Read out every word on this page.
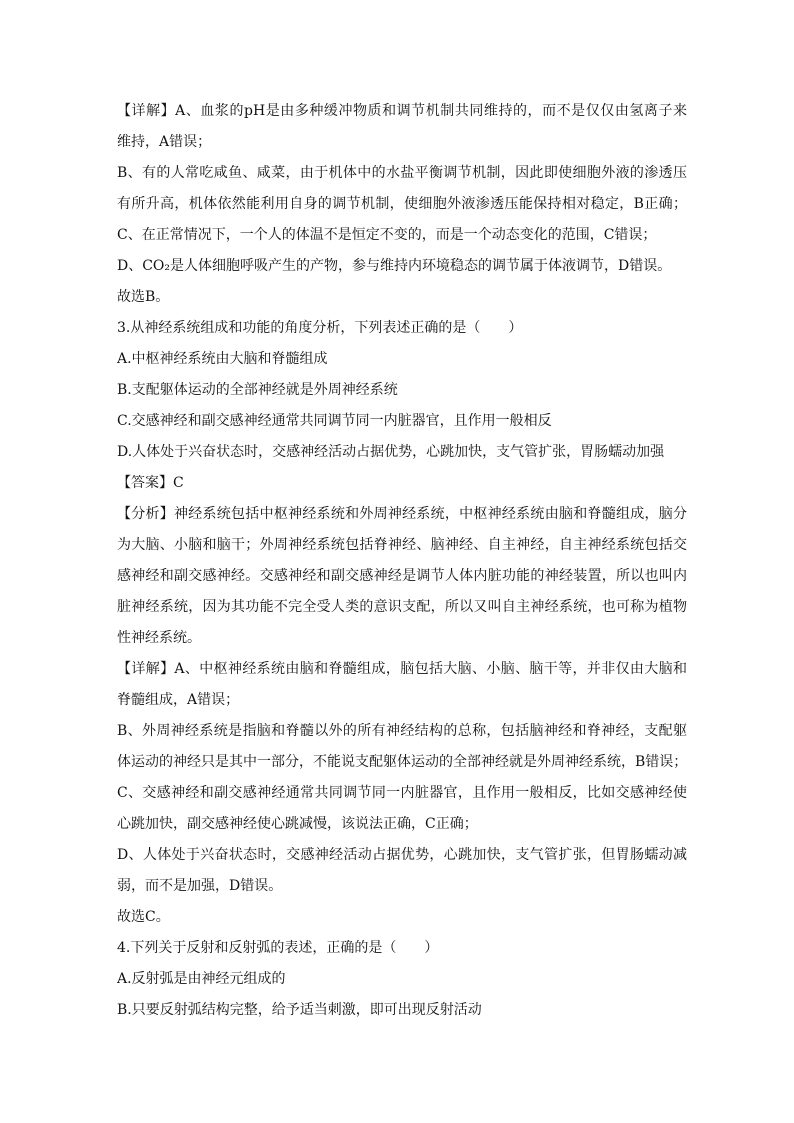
【详解】A、血浆的pH是由多种缓冲物质和调节机制共同维持的，而不是仅仅由氢离子来
维持，A错误；
B、有的人常吃咸鱼、咸菜，由于机体中的水盐平衡调节机制，因此即使细胞外液的渗透压
有所升高，机体依然能利用自身的调节机制，使细胞外液渗透压能保持相对稳定，B正确；
C、在正常情况下，一个人的体温不是恒定不变的，而是一个动态变化的范围，C错误；
D、CO₂是人体细胞呼吸产生的产物，参与维持内环境稳态的调节属于体液调节，D错误。
故选B。
3.从神经系统组成和功能的角度分析，下列表述正确的是（　　）
A.中枢神经系统由大脑和脊髓组成
B.支配躯体运动的全部神经就是外周神经系统
C.交感神经和副交感神经通常共同调节同一内脏器官，且作用一般相反
D.人体处于兴奋状态时，交感神经活动占据优势，心跳加快，支气管扩张，胃肠蠕动加强
【答案】C
【分析】神经系统包括中枢神经系统和外周神经系统，中枢神经系统由脑和脊髓组成，脑分
为大脑、小脑和脑干；外周神经系统包括脊神经、脑神经、自主神经，自主神经系统包括交
感神经和副交感神经。交感神经和副交感神经是调节人体内脏功能的神经装置，所以也叫内
脏神经系统，因为其功能不完全受人类的意识支配，所以又叫自主神经系统，也可称为植物
性神经系统。
【详解】A、中枢神经系统由脑和脊髓组成，脑包括大脑、小脑、脑干等，并非仅由大脑和
脊髓组成，A错误；
B、外周神经系统是指脑和脊髓以外的所有神经结构的总称，包括脑神经和脊神经，支配躯
体运动的神经只是其中一部分，不能说支配躯体运动的全部神经就是外周神经系统，B错误；
C、交感神经和副交感神经通常共同调节同一内脏器官，且作用一般相反，比如交感神经使
心跳加快，副交感神经使心跳减慢，该说法正确，C正确；
D、人体处于兴奋状态时，交感神经活动占据优势，心跳加快，支气管扩张，但胃肠蠕动减
弱，而不是加强，D错误。
故选C。
4.下列关于反射和反射弧的表述，正确的是（　　）
A.反射弧是由神经元组成的
B.只要反射弧结构完整，给予适当刺激，即可出现反射活动
